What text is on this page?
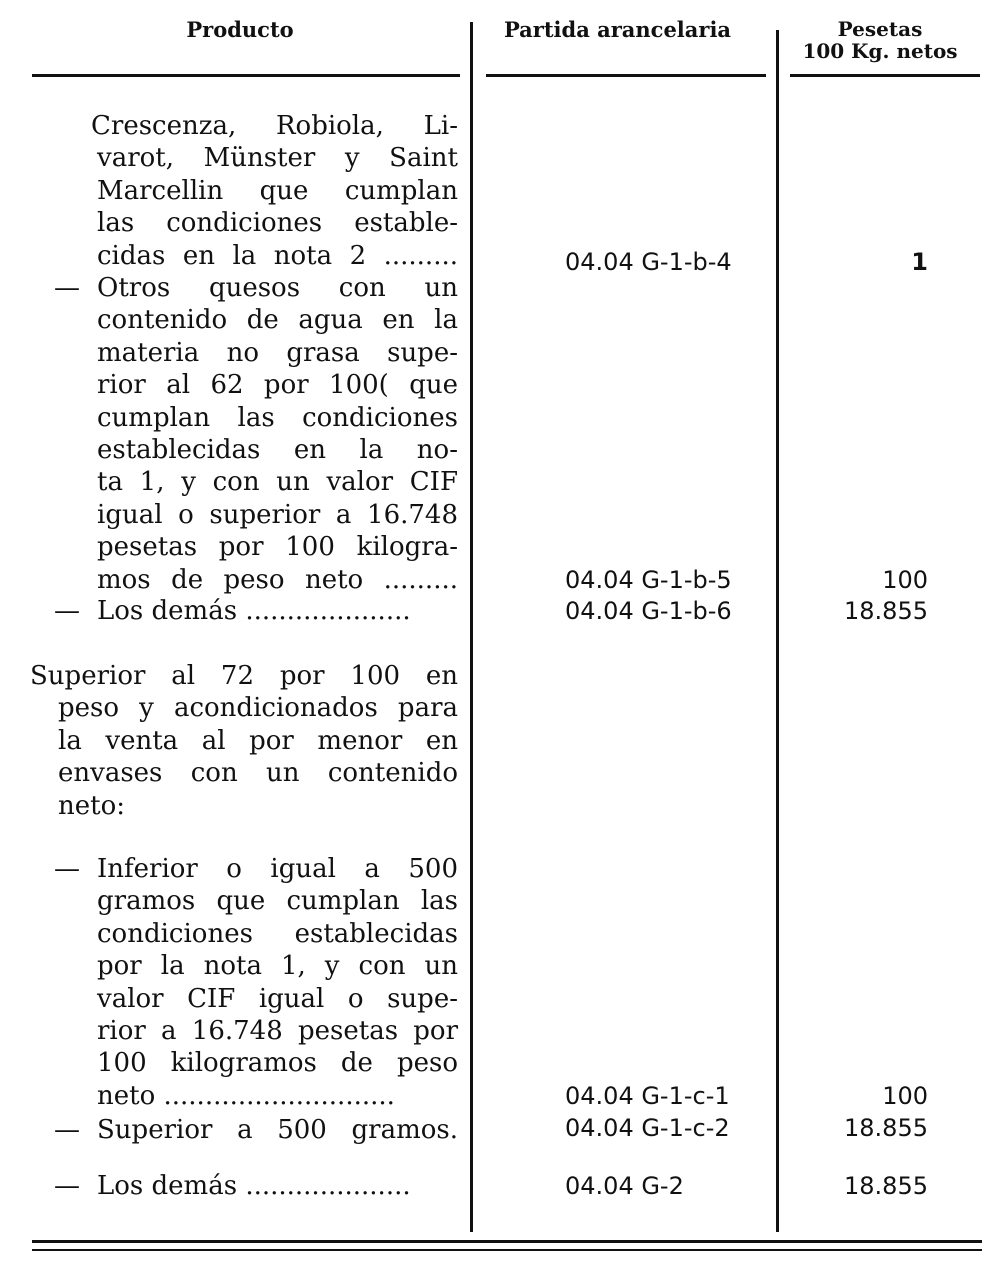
Producto	Partida arancelaria	Pesetas
100 Kg. netos
Crescenza, Robiola, Li-
varot, Münster y Saint
Marcellin que cumplan
las condiciones estable-
cidas en la nota 2 .........	04.04 G-1-b-4	1
— Otros quesos con un
contenido de agua en la
materia no grasa supe-
rior al 62 por 100( que
cumplan las condiciones
establecidas en la no-
ta 1, y con un valor CIF
igual o superior a 16.748
pesetas por 100 kilogra-
mos de peso neto .........	04.04 G-1-b-5	100
— Los demás ....................	04.04 G-1-b-6	18.855
Superior al 72 por 100 en
peso y acondicionados para
la venta al por menor en
envases con un contenido
neto:
— Inferior o igual a 500
gramos que cumplan las
condiciones establecidas
por la nota 1, y con un
valor CIF igual o supe-
rior a 16.748 pesetas por
100 kilogramos de peso
neto ............................	04.04 G-1-c-1	100
— Superior a 500 gramos.	04.04 G-1-c-2	18.855
— Los demás ....................	04.04 G-2	18.855
